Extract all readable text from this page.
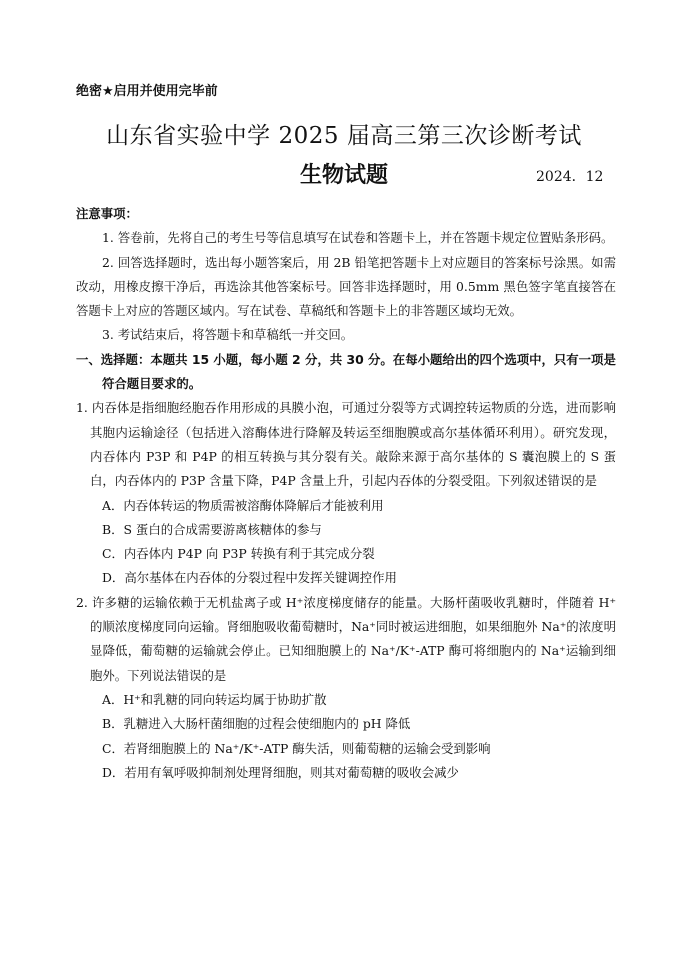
绝密★启用并使用完毕前
山东省实验中学 2025 届高三第三次诊断考试
生物试题	2024．12

注意事项：

1. 答卷前，先将自己的考生号等信息填写在试卷和答题卡上，并在答题卡规定位置贴条形码。

2. 回答选择题时，选出每小题答案后，用 2B 铅笔把答题卡上对应题目的答案标号涂黑。如需改动，用橡皮擦干净后，再选涂其他答案标号。回答非选择题时，用 0.5mm 黑色签字笔直接答在答题卡上对应的答题区域内。写在试卷、草稿纸和答题卡上的非答题区域均无效。

3. 考试结束后，将答题卡和草稿纸一并交回。

一、选择题：本题共 15 小题，每小题 2 分，共 30 分。在每小题给出的四个选项中，只有一项是符合题目要求的。

1. 内吞体是指细胞经胞吞作用形成的具膜小泡，可通过分裂等方式调控转运物质的分选，进而影响其胞内运输途径（包括进入溶酶体进行降解及转运至细胞膜或高尔基体循环利用）。研究发现，内吞体内 P3P 和 P4P 的相互转换与其分裂有关。敲除来源于高尔基体的 S 囊泡膜上的 S 蛋白，内吞体内的 P3P 含量下降，P4P 含量上升，引起内吞体的分裂受阻。下列叙述错误的是

A．内吞体转运的物质需被溶酶体降解后才能被利用

B．S 蛋白的合成需要游离核糖体的参与

C．内吞体内 P4P 向 P3P 转换有利于其完成分裂

D．高尔基体在内吞体的分裂过程中发挥关键调控作用

2. 许多糖的运输依赖于无机盐离子或 H⁺浓度梯度储存的能量。大肠杆菌吸收乳糖时，伴随着 H⁺的顺浓度梯度同向运输。肾细胞吸收葡萄糖时，Na⁺同时被运进细胞，如果细胞外 Na⁺的浓度明显降低，葡萄糖的运输就会停止。已知细胞膜上的 Na⁺/K⁺-ATP 酶可将细胞内的 Na⁺运输到细胞外。下列说法错误的是

A．H⁺和乳糖的同向转运均属于协助扩散

B．乳糖进入大肠杆菌细胞的过程会使细胞内的 pH 降低

C．若肾细胞膜上的 Na⁺/K⁺-ATP 酶失活，则葡萄糖的运输会受到影响

D．若用有氧呼吸抑制剂处理肾细胞，则其对葡萄糖的吸收会减少
